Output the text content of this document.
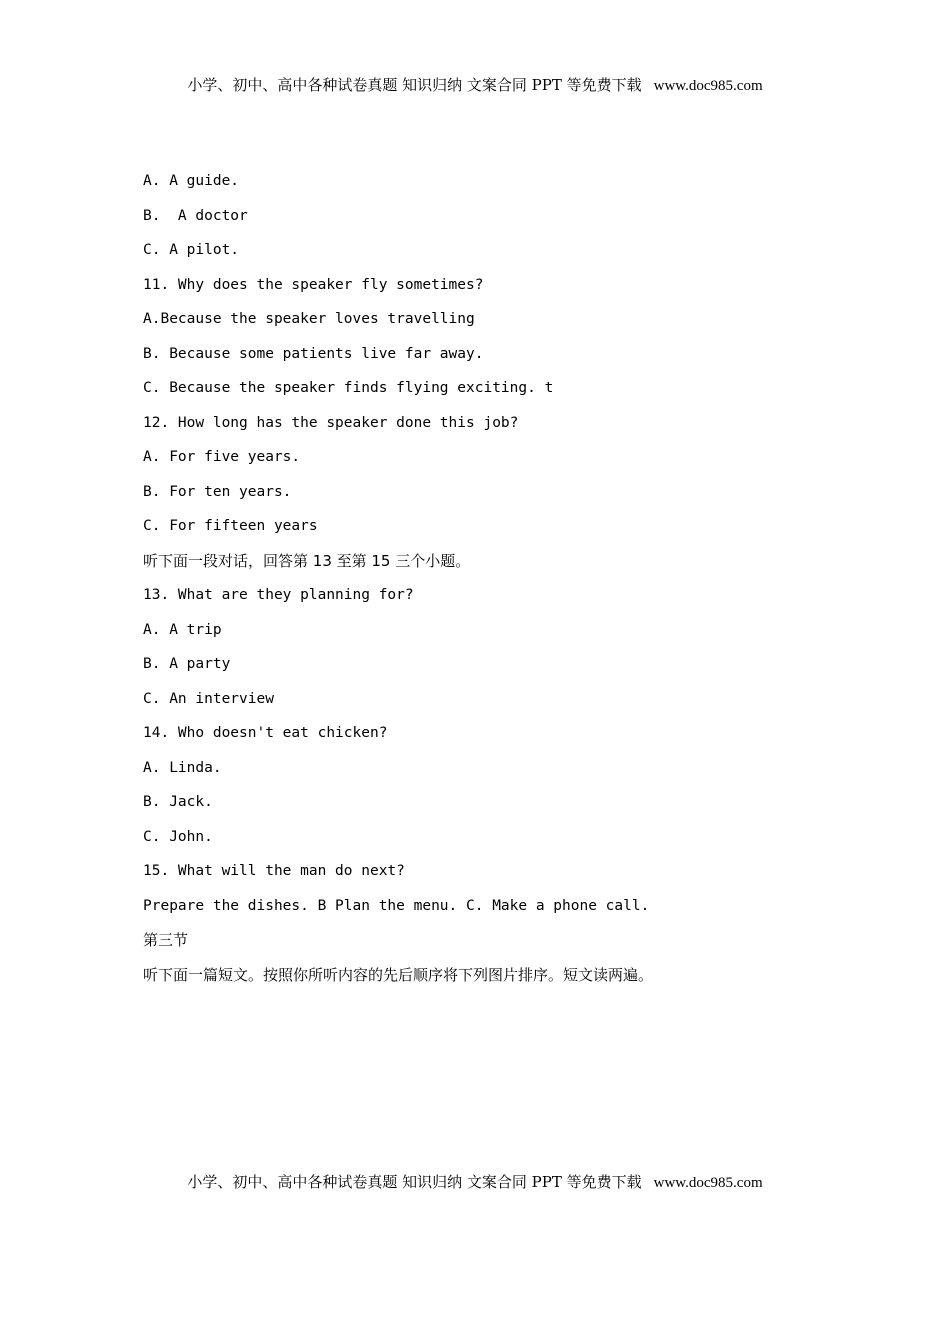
小学、初中、高中各种试卷真题 知识归纳 文案合同 PPT 等免费下载 www.doc985.com
A. A guide.
B.  A doctor
C. A pilot.
11. Why does the speaker fly sometimes?
A.Because the speaker loves travelling
B. Because some patients live far away.
C. Because the speaker finds flying exciting. t
12. How long has the speaker done this job?
A. For five years.
B. For ten years.
C. For fifteen years
听下面一段对话，回答第 13 至第 15 三个小题。
13. What are they planning for?
A. A trip
B. A party
C. An interview
14. Who doesn't eat chicken?
A. Linda.
B. Jack.
C. John.
15. What will the man do next?
Prepare the dishes. B Plan the menu. C. Make a phone call.
第三节
听下面一篇短文。按照你所听内容的先后顺序将下列图片排序。短文读两遍。
小学、初中、高中各种试卷真题 知识归纳 文案合同 PPT 等免费下载 www.doc985.com
